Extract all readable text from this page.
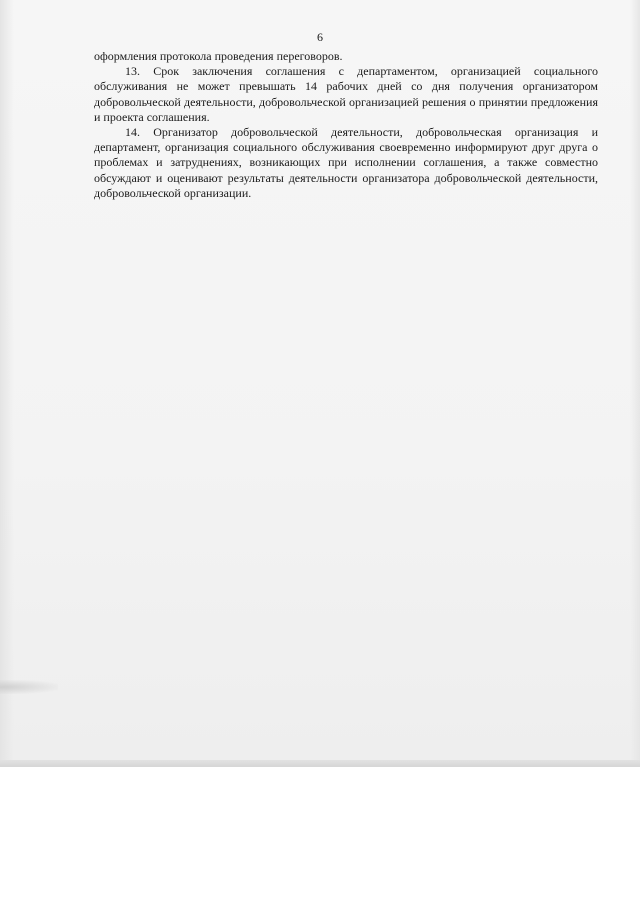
6

оформления протокола проведения переговоров.

13. Срок заключения соглашения с департаментом, организацией социального обслуживания не может превышать 14 рабочих дней со дня получения организатором добровольческой деятельности, добровольческой организацией решения о принятии предложения и проекта соглашения.

14. Организатор добровольческой деятельности, добровольческая организация и департамент, организация социального обслуживания своевременно информируют друг друга о проблемах и затруднениях, возникающих при исполнении соглашения, а также совместно обсуждают и оценивают результаты деятельности организатора добровольческой деятельности, добровольческой организации.
